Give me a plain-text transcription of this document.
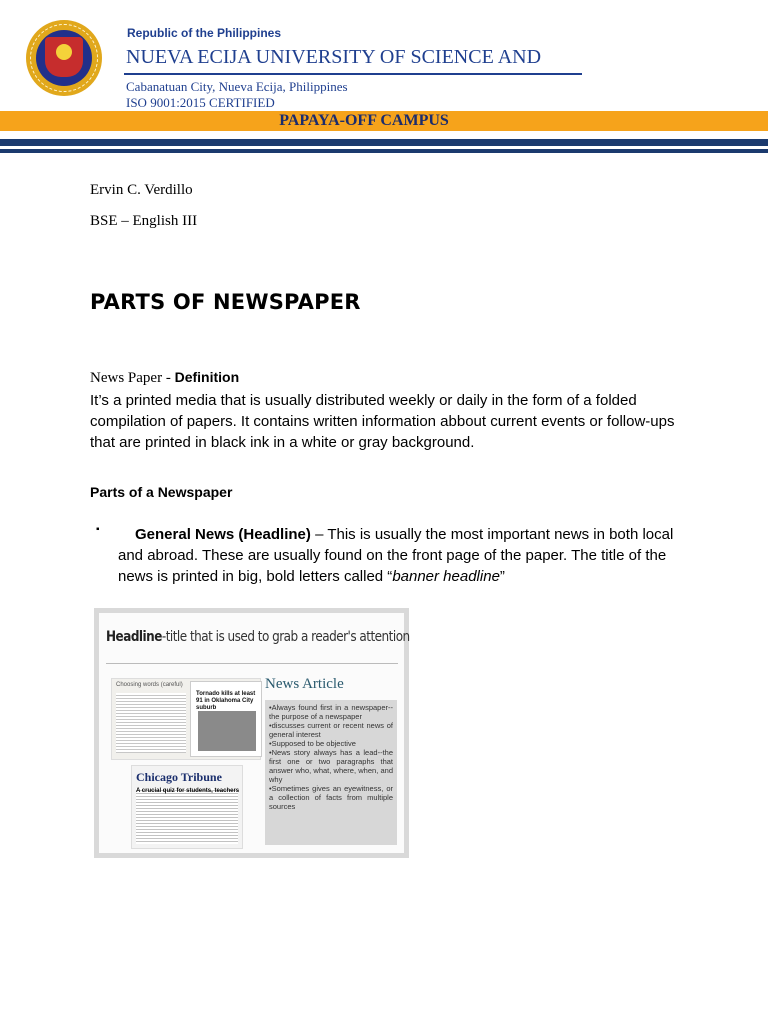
Republic of the Philippines
NUEVA ECIJA UNIVERSITY OF SCIENCE AND
Cabanatuan City, Nueva Ecija, Philippines
ISO 9001:2015 CERTIFIED
PAPAYA-OFF CAMPUS
Ervin C. Verdillo
BSE – English III
PARTS OF NEWSPAPER
News Paper - Definition
It’s a printed media that is usually distributed weekly or daily in the form of a folded compilation of papers. It contains written information abbout current events or follow-ups that are printed in black ink in a white or gray background.
Parts of a Newspaper
▪	General News (Headline) – This is usually the most important news in both local and abroad. These are usually found on the front page of the paper. The title of the news is printed in big, bold letters called “banner headline”
Headline-title that is used to grab a reader's attention
Choosing words (careful)
Tornado kills at least 91 in Oklahoma City suburb
Chicago Tribune
A crucial quiz for students, teachers
News Article
• Always found first in a newspaper--the purpose of a newspaper
• discusses current or recent news of general interest
• Supposed to be objective
• News story always has a lead--the first one or two paragraphs that answer who, what, where, when, and why
• Sometimes gives an eyewitness, or a collection of facts from multiple sources
